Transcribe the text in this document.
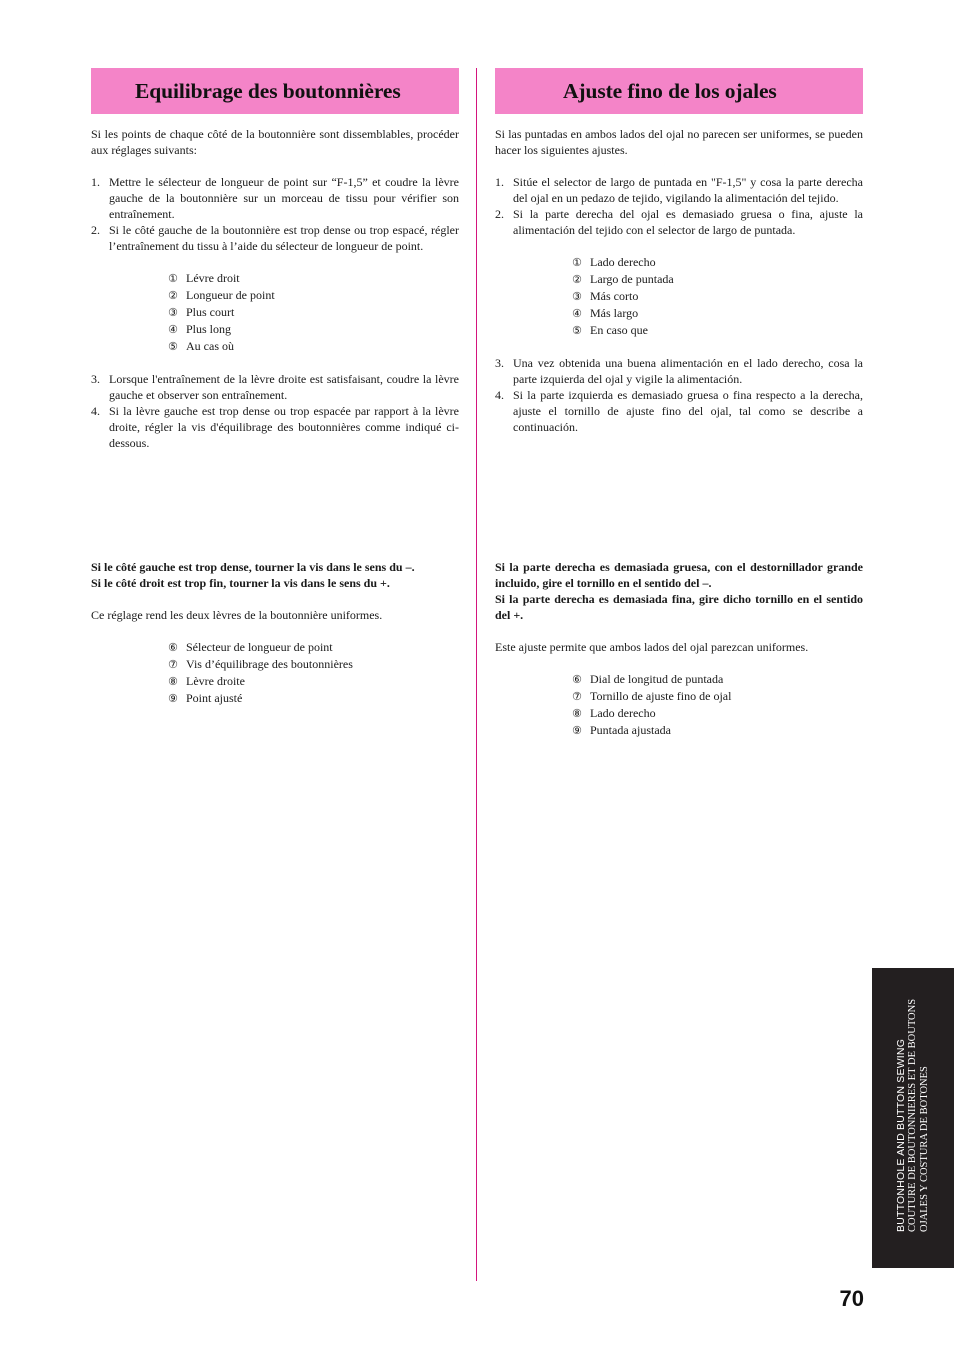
Equilibrage des boutonnières

Si les points de chaque côté de la boutonnière sont dissemblables, procéder aux réglages suivants:

1. Mettre le sélecteur de longueur de point sur “F-1,5” et coudre la lèvre gauche de la boutonnière sur un morceau de tissu pour vérifier son entraînement.
2. Si le côté gauche de la boutonnière est trop dense ou trop espacé, régler l’entraînement du tissu à l’aide du sélecteur de longueur de point.
① Lévre droit
② Longueur de point
③ Plus court
④ Plus long
⑤ Au cas où
3. Lorsque l'entraînement de la lèvre droite est satisfaisant, coudre la lèvre gauche et observer son entraînement.
4. Si la lèvre gauche est trop dense ou trop espacée par rapport à la lèvre droite, régler la vis d'équilibrage des boutonnières comme indiqué ci-dessous.

Si le côté gauche est trop dense, tourner la vis dans le sens du –.

Si le côté droit est trop fin, tourner la vis dans le sens du +.

Ce réglage rend les deux lèvres de la boutonnière uniformes.

⑥ Sélecteur de longueur de point
⑦ Vis d’équilibrage des boutonnières
⑧ Lèvre droite
⑨ Point ajusté
Ajuste fino de los ojales

Si las puntadas en ambos lados del ojal no parecen ser uniformes, se pueden hacer los siguientes ajustes.

1. Sitúe el selector de largo de puntada en "F-1,5" y cosa la parte derecha del ojal en un pedazo de tejido, vigilando la alimentación del tejido.
2. Si la parte derecha del ojal es demasiado gruesa o fina, ajuste la alimentación del tejido con el selector de largo de puntada.
① Lado derecho
② Largo de puntada
③ Más corto
④ Más largo
⑤ En caso que
3. Una vez obtenida una buena alimentación en el lado derecho, cosa la parte izquierda del ojal y vigile la alimentación.
4. Si la parte izquierda es demasiado gruesa o fina respecto a la derecha, ajuste el tornillo de ajuste fino del ojal, tal como se describe a continuación.

Si la parte derecha es demasiada gruesa, con el destornillador grande incluido, gire el tornillo en el sentido del –.

Si la parte derecha es demasiada fina, gire dicho tornillo en el sentido del +.

Este ajuste permite que ambos lados del ojal parezcan uniformes.

⑥ Dial de longitud de puntada
⑦ Tornillo de ajuste fino de ojal
⑧ Lado derecho
⑨ Puntada ajustada
BUTTONHOLE AND BUTTON SEWING COUTURE DE BOUTONNIERES ET DE BOUTONS OJALES Y COSTURA DE BOTONES
70
